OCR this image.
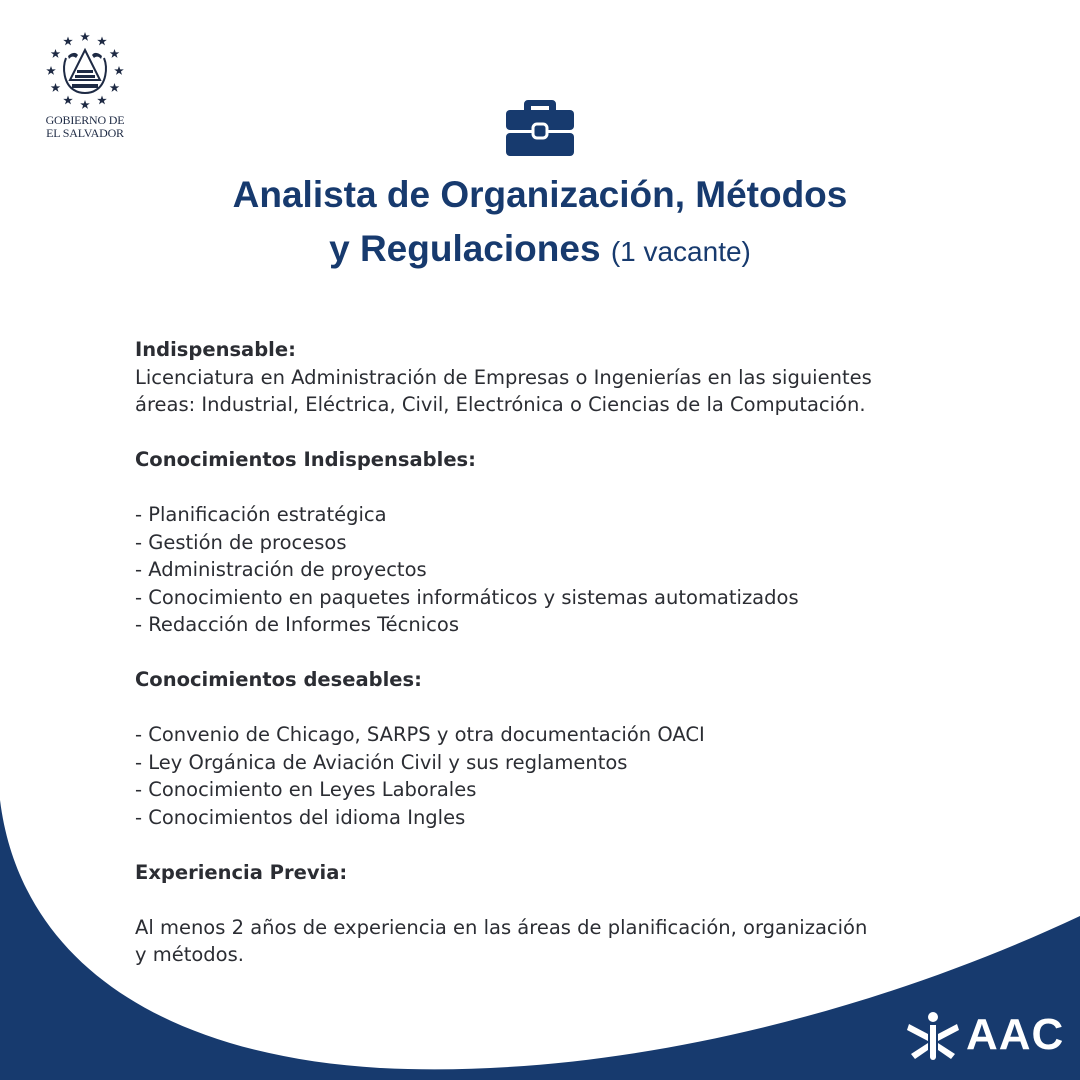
GOBIERNO DE
EL SALVADOR
Analista de Organización, Métodos
y Regulaciones (1 vacante)
Indispensable:
Licenciatura en Administración de Empresas o Ingenierías en las siguientes
áreas: Industrial, Eléctrica, Civil, Electrónica o Ciencias de la Computación.
Conocimientos Indispensables:
- Planificación estratégica
- Gestión de procesos
- Administración de proyectos
- Conocimiento en paquetes informáticos y sistemas automatizados
- Redacción de Informes Técnicos
Conocimientos deseables:
- Convenio de Chicago, SARPS y otra documentación OACI
- Ley Orgánica de Aviación Civil y sus reglamentos
- Conocimiento en Leyes Laborales
- Conocimientos del idioma Ingles
Experiencia Previa:
Al menos 2 años de experiencia en las áreas de planificación, organización
y métodos.
AAC
